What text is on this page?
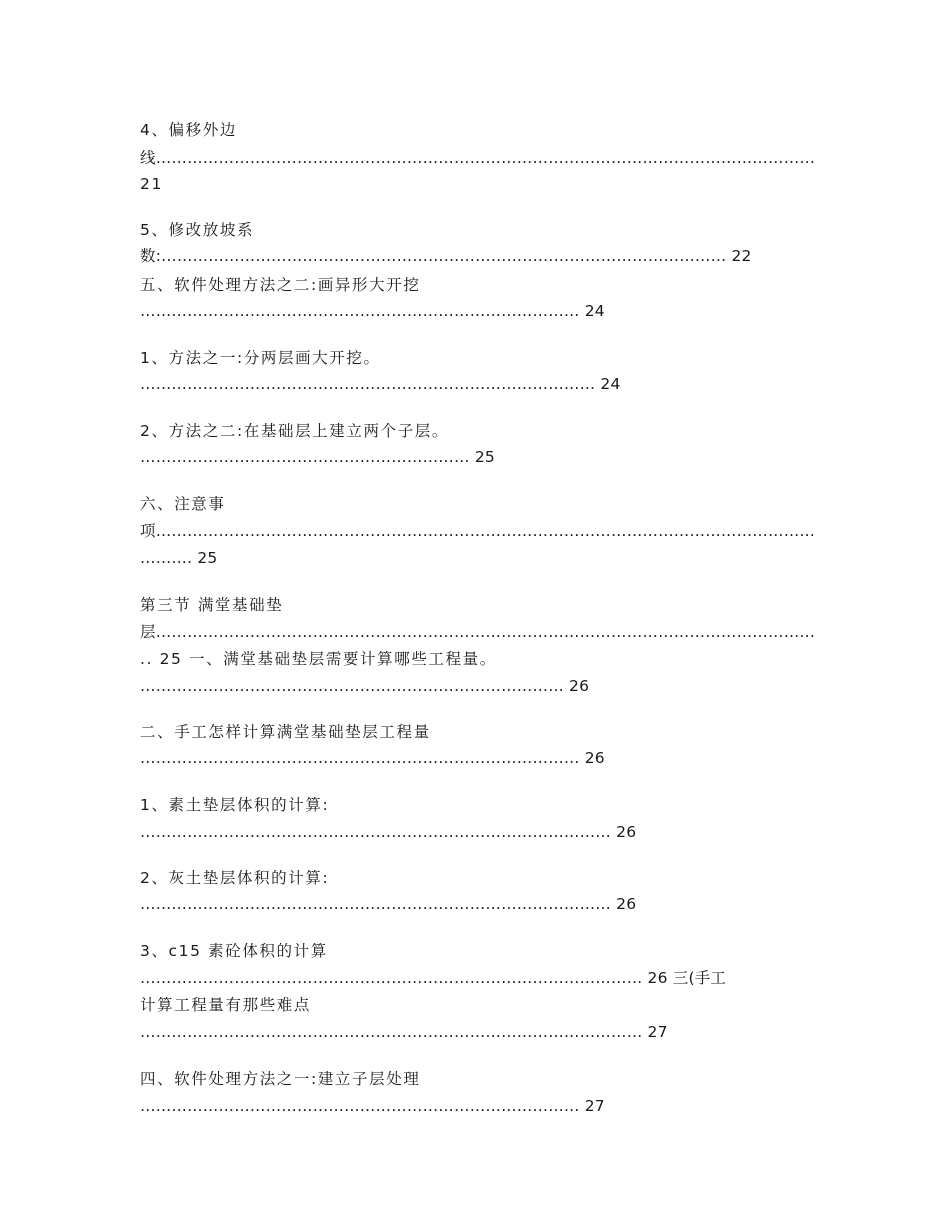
4、偏移外边
线………………………………………………………………………………………………………………
21
5、修改放坡系
数:……………………………………………………………………………………………… 22
五、软件处理方法之二:画异形大开挖
………………………………………………………………………… 24
1、方法之一:分两层画大开挖。
…………………………………………………………………………… 24
2、方法之二:在基础层上建立两个子层。
……………………………………………………… 25
六、注意事
项………………………………………………………………………………………………………………
………. 25
第三节 满堂基础垫
层………………………………………………………………………………………………………………
.. 25 一、满堂基础垫层需要计算哪些工程量。
……………………………………………………………………… 26
二、手工怎样计算满堂基础垫层工程量
………………………………………………………………………… 26
1、素土垫层体积的计算:
……………………………………………………………………………… 26
2、灰土垫层体积的计算:
……………………………………………………………………………… 26
3、c15 素砼体积的计算
…………………………………………………………………………………… 26 三(手工
计算工程量有那些难点
…………………………………………………………………………………… 27
四、软件处理方法之一:建立子层处理
………………………………………………………………………… 27
